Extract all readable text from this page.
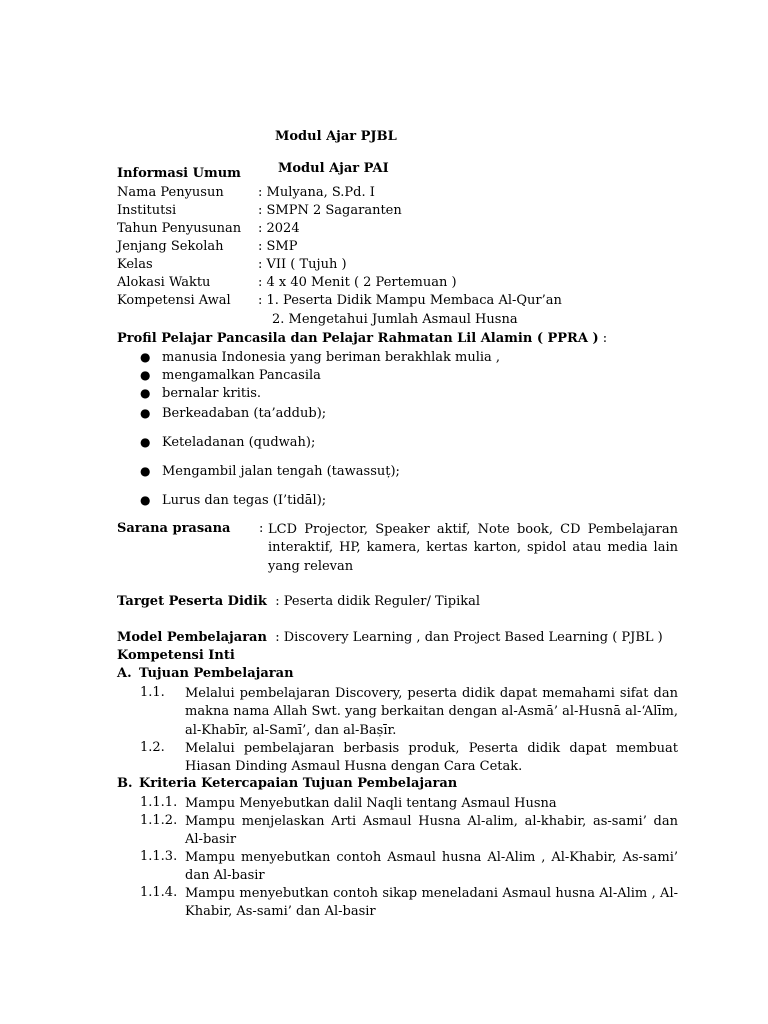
Modul Ajar PJBL
Modul Ajar PAI
Informasi Umum
Nama Penyusun	: Mulyana, S.Pd. I
Institutsi	: SMPN 2 Sagaranten
Tahun Penyusunan : 2024
Jenjang Sekolah	: SMP
Kelas	: VII ( Tujuh )
Alokasi Waktu	: 4 x 40 Menit ( 2 Pertemuan )
Kompetensi Awal : 1. Peserta Didik Mampu Membaca Al-Qur’an
2. Mengetahui Jumlah Asmaul Husna
Profil Pelajar Pancasila dan Pelajar Rahmatan Lil Alamin ( PPRA ) :
● manusia Indonesia yang beriman berakhlak mulia ,
● mengamalkan Pancasila
● bernalar kritis.
● Berkeadaban (ta’addub);
● Keteladanan (qudwah);
● Mengambil jalan tengah (tawassuṭ);
● Lurus dan tegas (I’tidāl);
Sarana prasana : LCD Projector, Speaker aktif, Note book, CD Pembelajaran interaktif, HP, kamera, kertas karton, spidol atau media lain yang relevan
Target Peserta Didik : Peserta didik Reguler/ Tipikal
Model Pembelajaran : Discovery Learning , dan Project Based Learning ( PJBL )
Kompetensi Inti
A. Tujuan Pembelajaran
1.1. Melalui pembelajaran Discovery, peserta didik dapat memahami sifat dan makna nama Allah Swt. yang berkaitan dengan al-Asmā’ al-Husnā al-‘Alīm, al-Khabīr, al-Samī’, dan al-Baṣīr.
1.2. Melalui pembelajaran berbasis produk, Peserta didik dapat membuat Hiasan Dinding Asmaul Husna dengan Cara Cetak.
B. Kriteria Ketercapaian Tujuan Pembelajaran
1.1.1. Mampu Menyebutkan dalil Naqli tentang Asmaul Husna
1.1.2. Mampu menjelaskan Arti Asmaul Husna Al-alim, al-khabir, as-sami’ dan Al-basir
1.1.3. Mampu menyebutkan contoh Asmaul husna Al-Alim , Al-Khabir, As-sami’ dan Al-basir
1.1.4. Mampu menyebutkan contoh sikap meneladani Asmaul husna Al-Alim , Al-Khabir, As-sami’ dan Al-basir
